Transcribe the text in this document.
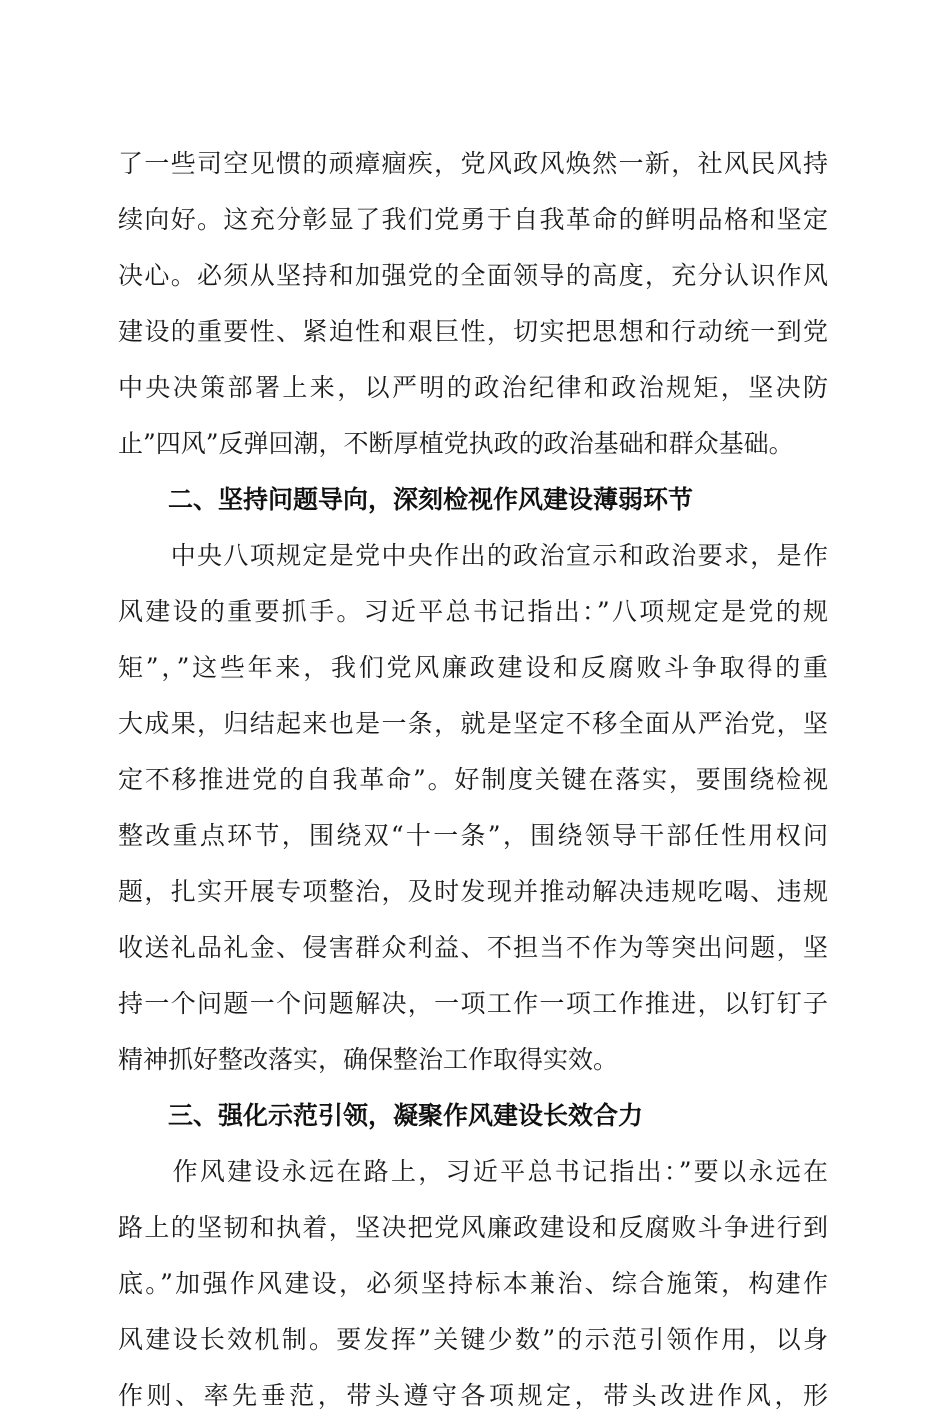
了一些司空见惯的顽瘴痼疾，党风政风焕然一新，社风民风持
续向好。这充分彰显了我们党勇于自我革命的鲜明品格和坚定
决心。必须从坚持和加强党的全面领导的高度，充分认识作风
建设的重要性、紧迫性和艰巨性，切实把思想和行动统一到党
中央决策部署上来，以严明的政治纪律和政治规矩，坚决防
止”四风”反弹回潮，不断厚植党执政的政治基础和群众基础。
二、坚持问题导向，深刻检视作风建设薄弱环节
　　中央八项规定是党中央作出的政治宣示和政治要求，是作
风建设的重要抓手。习近平总书记指出：”八项规定是党的规
矩”，”这些年来，我们党风廉政建设和反腐败斗争取得的重
大成果，归结起来也是一条，就是坚定不移全面从严治党，坚
定不移推进党的自我革命”。好制度关键在落实，要围绕检视
整改重点环节，围绕双“十一条”，围绕领导干部任性用权问
题，扎实开展专项整治，及时发现并推动解决违规吃喝、违规
收送礼品礼金、侵害群众利益、不担当不作为等突出问题，坚
持一个问题一个问题解决，一项工作一项工作推进，以钉钉子
精神抓好整改落实，确保整治工作取得实效。
三、强化示范引领，凝聚作风建设长效合力
　　作风建设永远在路上，习近平总书记指出：”要以永远在
路上的坚韧和执着，坚决把党风廉政建设和反腐败斗争进行到
底。”加强作风建设，必须坚持标本兼治、综合施策，构建作
风建设长效机制。要发挥”关键少数”的示范引领作用，以身
作则、率先垂范，带头遵守各项规定，带头改进作风，形
